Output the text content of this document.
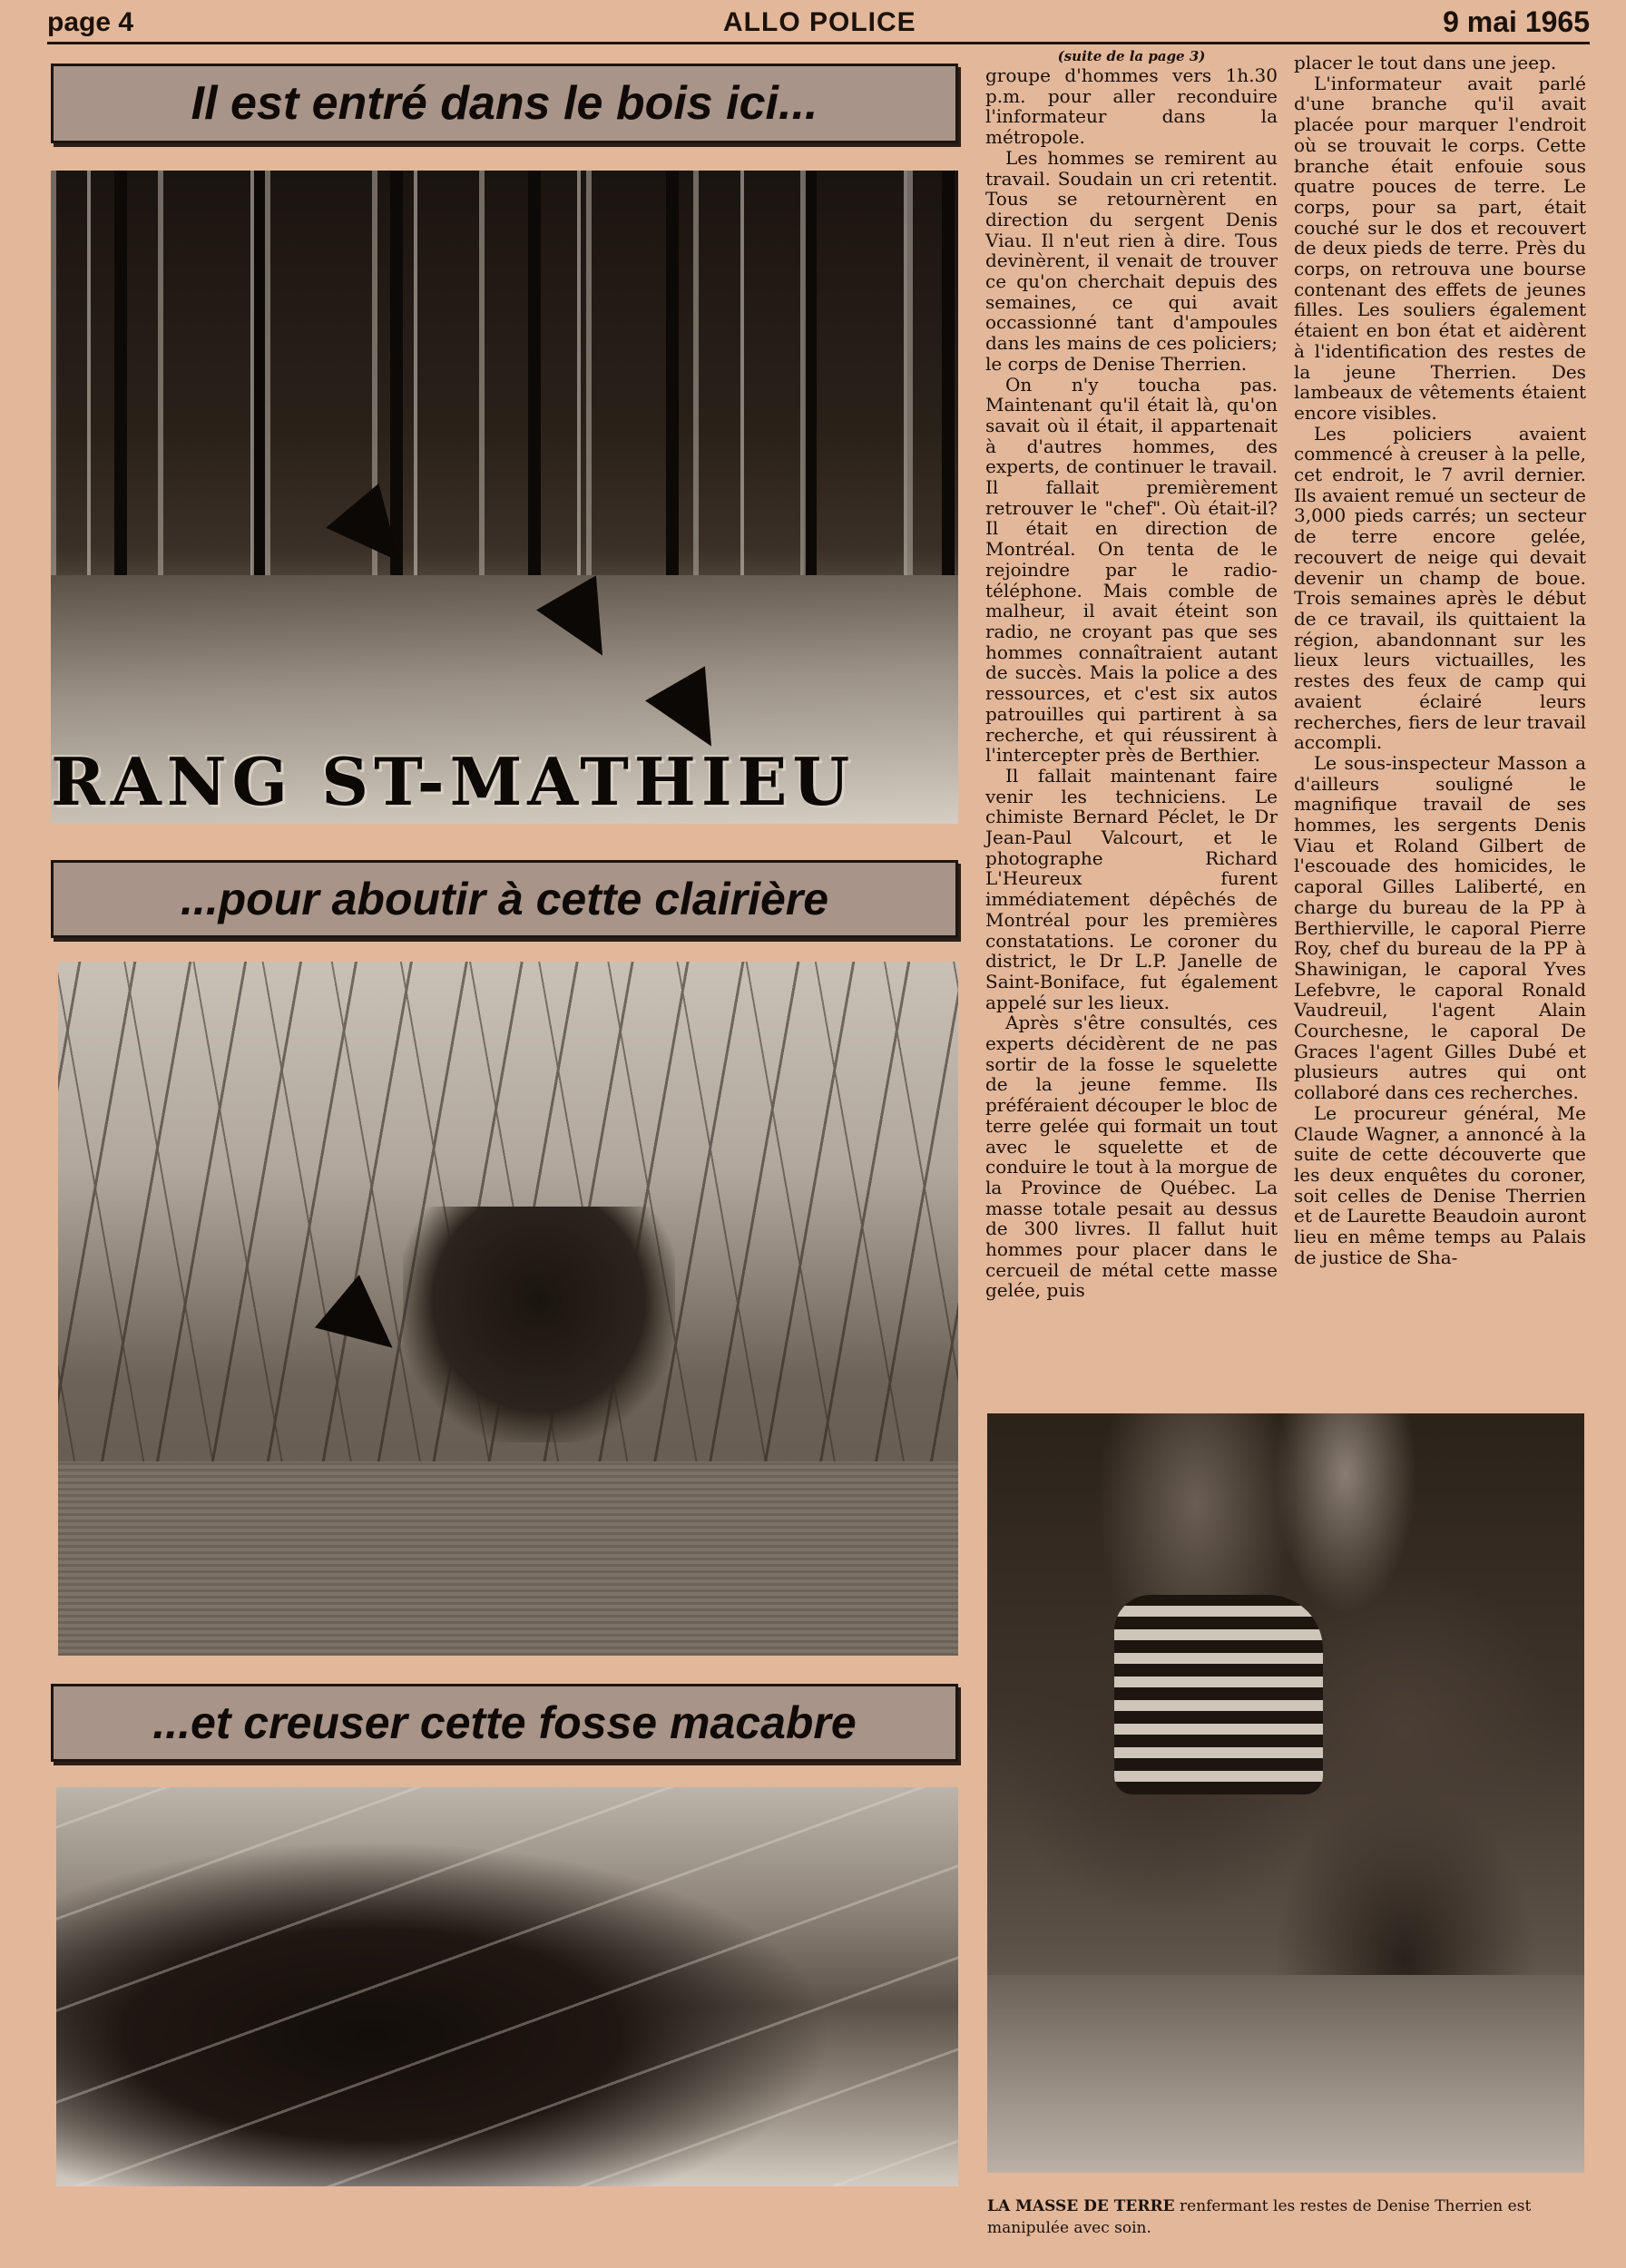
page 4	ALLO POLICE	9 mai 1965
Il est entré dans le bois ici...
RANG ST-MATHIEU
...pour aboutir à cette clairière
...et creuser cette fosse macabre
(suite de la page 3)

groupe d'hommes vers 1h.30 p.m. pour aller reconduire l'informateur dans la métropole.

Les hommes se remirent au travail. Soudain un cri retentit. Tous se retournèrent en direction du sergent Denis Viau. Il n'eut rien à dire. Tous devinèrent, il venait de trouver ce qu'on cherchait depuis des semaines, ce qui avait occassionné tant d'ampoules dans les mains de ces policiers; le corps de Denise Therrien.

On n'y toucha pas. Maintenant qu'il était là, qu'on savait où il était, il appartenait à d'autres hommes, des experts, de continuer le travail. Il fallait premièrement retrouver le "chef". Où était-il? Il était en direction de Montréal. On tenta de le rejoindre par le radio-téléphone. Mais comble de malheur, il avait éteint son radio, ne croyant pas que ses hommes connaîtraient autant de succès. Mais la police a des ressources, et c'est six autos patrouilles qui partirent à sa recherche, et qui réussirent à l'intercepter près de Berthier.

Il fallait maintenant faire venir les techniciens. Le chimiste Bernard Péclet, le Dr Jean-Paul Valcourt, et le photographe Richard L'Heureux furent immédiatement dépêchés de Montréal pour les premières constatations. Le coroner du district, le Dr L.P. Janelle de Saint-Boniface, fut également appelé sur les lieux.

Après s'être consultés, ces experts décidèrent de ne pas sortir de la fosse le squelette de la jeune femme. Ils préféraient découper le bloc de terre gelée qui formait un tout avec le squelette et de conduire le tout à la morgue de la Province de Québec. La masse totale pesait au dessus de 300 livres. Il fallut huit hommes pour placer dans le cercueil de métal cette masse gelée, puis

placer le tout dans une jeep.

L'informateur avait parlé d'une branche qu'il avait placée pour marquer l'endroit où se trouvait le corps. Cette branche était enfouie sous quatre pouces de terre. Le corps, pour sa part, était couché sur le dos et recouvert de deux pieds de terre. Près du corps, on retrouva une bourse contenant des effets de jeunes filles. Les souliers également étaient en bon état et aidèrent à l'identification des restes de la jeune Therrien. Des lambeaux de vêtements étaient encore visibles.

Les policiers avaient commencé à creuser à la pelle, cet endroit, le 7 avril dernier. Ils avaient remué un secteur de 3,000 pieds carrés; un secteur de terre encore gelée, recouvert de neige qui devait devenir un champ de boue. Trois semaines après le début de ce travail, ils quittaient la région, abandonnant sur les lieux leurs victuailles, les restes des feux de camp qui avaient éclairé leurs recherches, fiers de leur travail accompli.

Le sous-inspecteur Masson a d'ailleurs souligné le magnifique travail de ses hommes, les sergents Denis Viau et Roland Gilbert de l'escouade des homicides, le caporal Gilles Laliberté, en charge du bureau de la PP à Berthierville, le caporal Pierre Roy, chef du bureau de la PP à Shawinigan, le caporal Yves Lefebvre, le caporal Ronald Vaudreuil, l'agent Alain Courchesne, le caporal De Graces l'agent Gilles Dubé et plusieurs autres qui ont collaboré dans ces recherches.

Le procureur général, Me Claude Wagner, a annoncé à la suite de cette découverte que les deux enquêtes du coroner, soit celles de Denise Therrien et de Laurette Beaudoin auront lieu en même temps au Palais de justice de Sha-

LA MASSE DE TERRE renfermant les restes de Denise Therrien est manipulée avec soin.
